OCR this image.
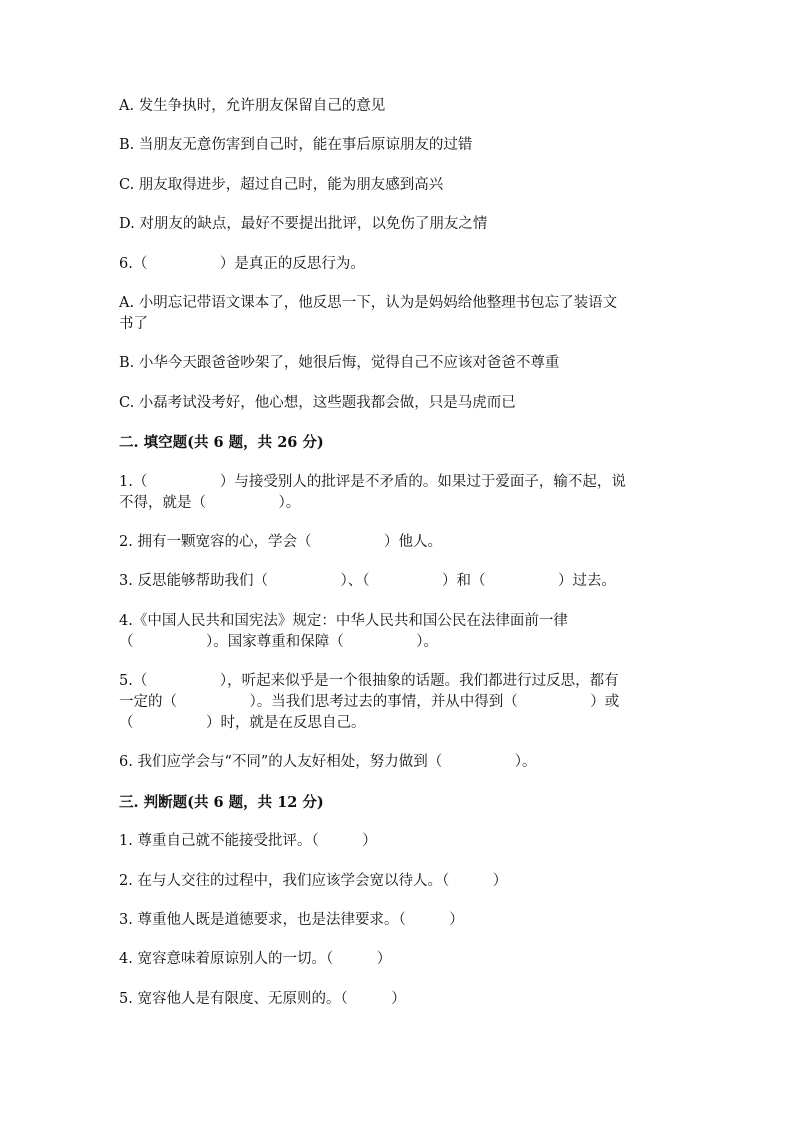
A. 发生争执时，允许朋友保留自己的意见
B. 当朋友无意伤害到自己时，能在事后原谅朋友的过错
C. 朋友取得进步，超过自己时，能为朋友感到高兴
D. 对朋友的缺点，最好不要提出批评，以免伤了朋友之情
6.（　　　　　）是真正的反思行为。
A. 小明忘记带语文课本了，他反思一下，认为是妈妈给他整理书包忘了装语文
书了
B. 小华今天跟爸爸吵架了，她很后悔，觉得自己不应该对爸爸不尊重
C. 小磊考试没考好，他心想，这些题我都会做，只是马虎而已
二. 填空题(共 6 题，共 26 分)
1.（　　　　　）与接受别人的批评是不矛盾的。如果过于爱面子，输不起，说
不得，就是（　　　　　）。
2. 拥有一颗宽容的心，学会（　　　　　）他人。
3. 反思能够帮助我们（　　　　　）、（　　　　　）和（　　　　　）过去。
4.《中国人民共和国宪法》规定：中华人民共和国公民在法律面前一律
（　　　　　）。国家尊重和保障（　　　　　）。
5.（　　　　　），听起来似乎是一个很抽象的话题。我们都进行过反思，都有
一定的（　　　　　）。当我们思考过去的事情，并从中得到（　　　　　）或
（　　　　　）时，就是在反思自己。
6. 我们应学会与“不同”的人友好相处，努力做到（　　　　　）。
三. 判断题(共 6 题，共 12 分)
1. 尊重自己就不能接受批评。（　　　）
2. 在与人交往的过程中，我们应该学会宽以待人。（　　　）
3. 尊重他人既是道德要求，也是法律要求。（　　　）
4. 宽容意味着原谅别人的一切。（　　　）
5. 宽容他人是有限度、无原则的。（　　　）
